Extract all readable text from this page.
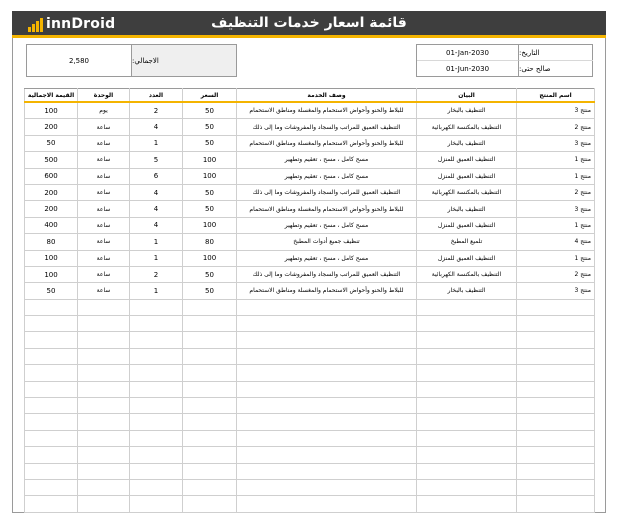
innDroid	قائمة اسعار خدمات التنظيف
التاريخ:
01-Jan-2030
صالح حتى:
01-Jun-2030
الاجمالي:
2,580
القيمة الاجمالية	الوحدة	العدد	السعر	وصف الخدمة	البيان	اسم المنتج
100	يوم	2	50	للبلاط والحنو وأحواض الاستحمام والمغسلة ومناطق الاستحمام	التنظيف بالبخار	منتج 3
200	ساعة	4	50	التنظيف العميق للمراتب والسجاد والمفروشات وما إلى ذلك	التنظيف بالمكنسة الكهربائية	منتج 2
50	ساعة	1	50	للبلاط والحنو وأحواض الاستحمام والمغسلة ومناطق الاستحمام	التنظيف بالبخار	منتج 3
500	ساعة	5	100	مسح كامل ، مسح ، تعقيم وتطهير	التنظيف العميق للمنزل	منتج 1
600	ساعة	6	100	مسح كامل ، مسح ، تعقيم وتطهير	التنظيف العميق للمنزل	منتج 1
200	ساعة	4	50	التنظيف العميق للمراتب والسجاد والمفروشات وما إلى ذلك	التنظيف بالمكنسة الكهربائية	منتج 2
200	ساعة	4	50	للبلاط والحنو وأحواض الاستحمام والمغسلة ومناطق الاستحمام	التنظيف بالبخار	منتج 3
400	ساعة	4	100	مسح كامل ، مسح ، تعقيم وتطهير	التنظيف العميق للمنزل	منتج 1
80	ساعة	1	80	تنظيف جميع أدوات المطبخ	تلميع المطبخ	منتج 4
100	ساعة	1	100	مسح كامل ، مسح ، تعقيم وتطهير	التنظيف العميق للمنزل	منتج 1
100	ساعة	2	50	التنظيف العميق للمراتب والسجاد والمفروشات وما إلى ذلك	التنظيف بالمكنسة الكهربائية	منتج 2
50	ساعة	1	50	للبلاط والحنو وأحواض الاستحمام والمغسلة ومناطق الاستحمام	التنظيف بالبخار	منتج 3
